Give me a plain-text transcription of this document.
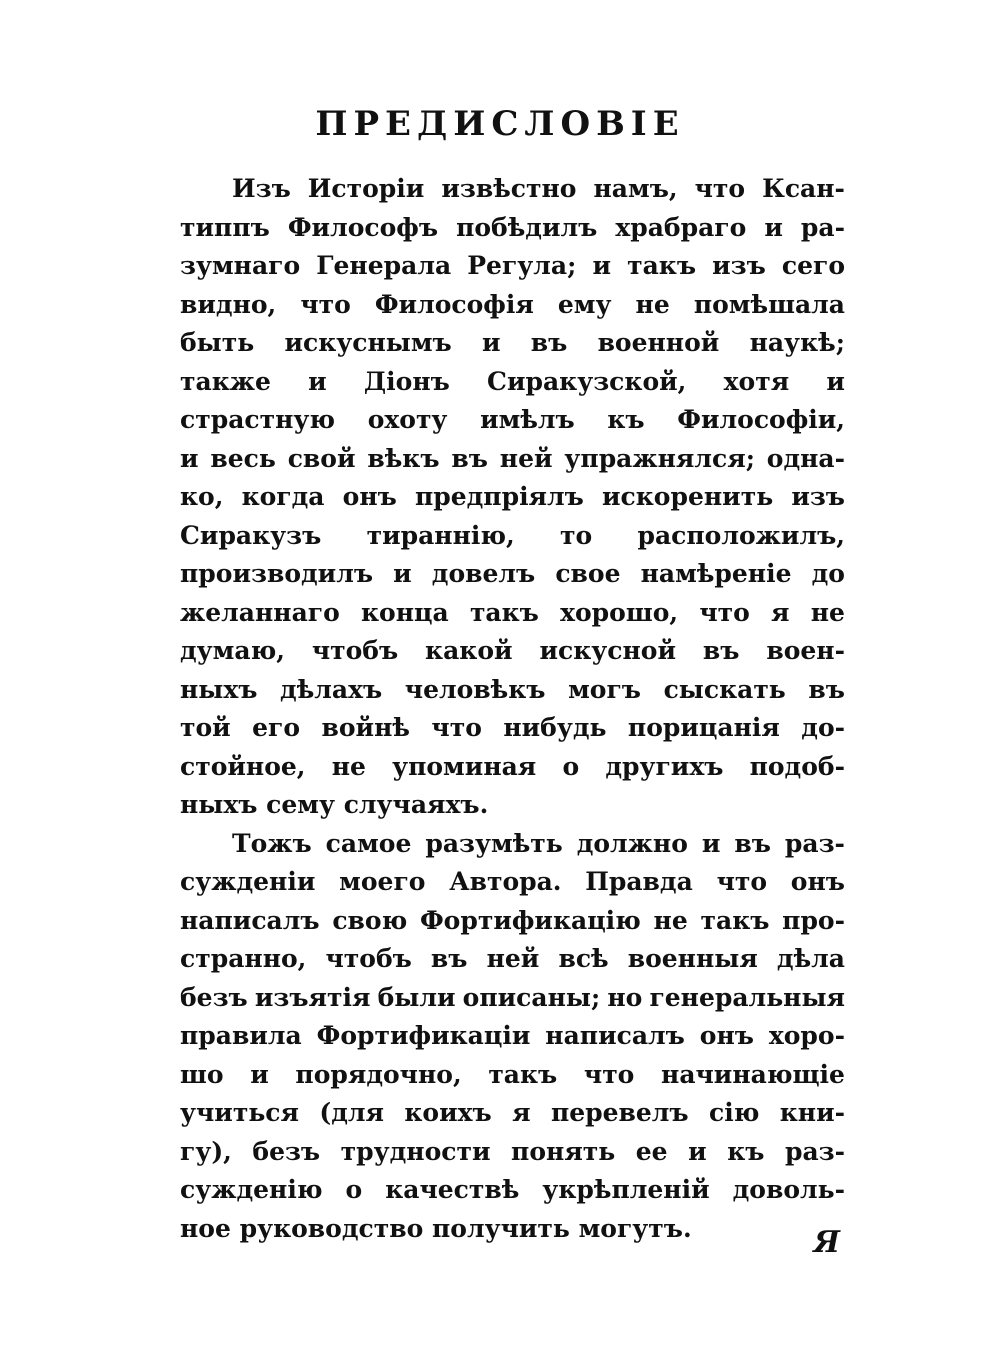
ПРЕДИСЛОВІЕ
Изъ Исторіи извѣстно намъ, что Ксан-
типпъ Философъ побѣдилъ храбраго и ра-
зумнаго Генерала Регула; и такъ изъ сего
видно, что Философія ему не помѣшала
быть искуснымъ и въ военной наукѣ;
также и Діонъ Сиракузской, хотя и
страстную охоту имѣлъ къ Философіи,
и весь свой вѣкъ въ ней упражнялся; одна-
ко, когда онъ предпріялъ искоренить изъ
Сиракузъ тираннію, то расположилъ,
производилъ и довелъ свое намѣреніе до
желаннаго конца такъ хорошо, что я не
думаю, чтобъ какой искусной въ воен-
ныхъ дѣлахъ человѣкъ могъ сыскать въ
той его войнѣ что нибудь порицанія до-
стойное, не упоминая о другихъ подоб-
ныхъ сему случаяхъ.
Тожъ самое разумѣть должно и въ раз-
сужденіи моего Автора. Правда что онъ
написалъ свою Фортификацію не такъ про-
странно, чтобъ въ ней всѣ военныя дѣла
безъ изъятія были описаны; но генеральныя
правила Фортификаціи написалъ онъ хоро-
шо и порядочно, такъ что начинающіе
учиться (для коихъ я перевелъ сію кни-
гу), безъ трудности понять ее и къ раз-
сужденію о качествѣ укрѣпленій доволь-
ное руководство получить могутъ.	Я
